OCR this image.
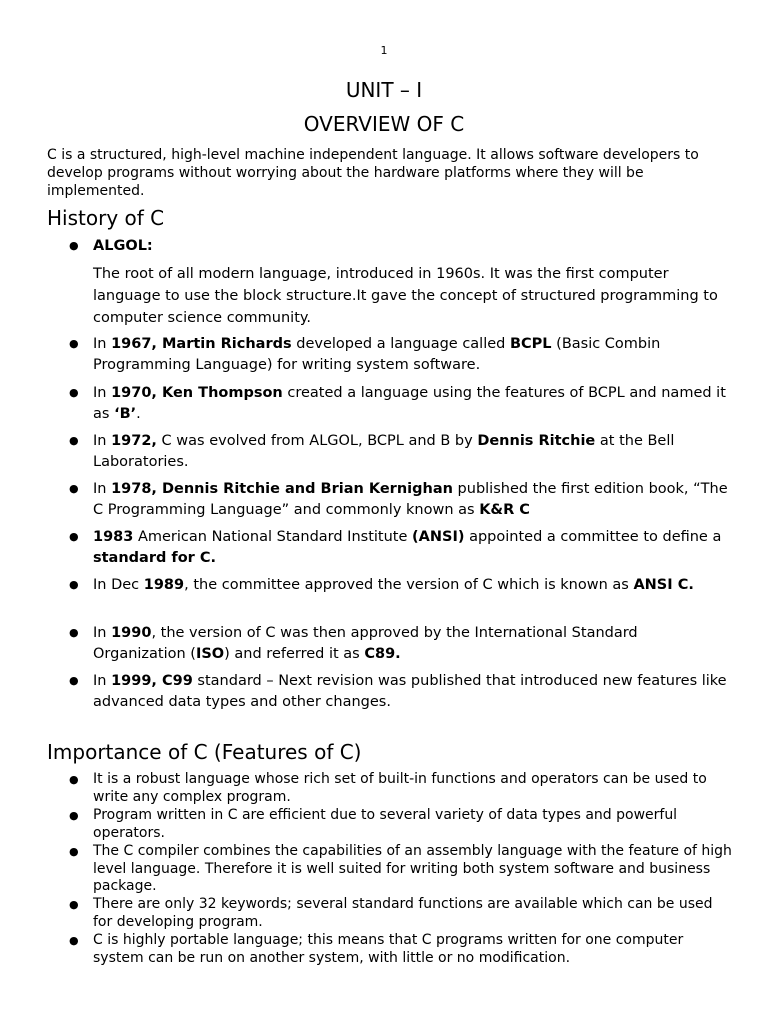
1
UNIT – I
OVERVIEW OF C
C is a structured, high-level machine independent language. It allows software developers to develop programs without worrying about the hardware platforms where they will be implemented.
History of C
● ALGOL:
The root of all modern language, introduced in 1960s. It was the first computer language to use the block structure.It gave the concept of structured programming to computer science community.
● In 1967, Martin Richards developed a language called BCPL (Basic Combin Programming Language) for writing system software.
● In 1970, Ken Thompson created a language using the features of BCPL and named it as ‘B’.
● In 1972, C was evolved from ALGOL, BCPL and B by Dennis Ritchie at the Bell Laboratories.
● In 1978, Dennis Ritchie and Brian Kernighan published the first edition book, “The C Programming Language” and commonly known as K&R C
● 1983 American National Standard Institute (ANSI) appointed a committee to define a standard for C.
● In Dec 1989, the committee approved the version of C which is known as ANSI C.
● In 1990, the version of C was then approved by the International Standard Organization (ISO) and referred it as C89.
● In 1999, C99 standard – Next revision was published that introduced new features like advanced data types and other changes.
Importance of C (Features of C)
● It is a robust language whose rich set of built-in functions and operators can be used to write any complex program.
● Program written in C are efficient due to several variety of data types and powerful operators.
● The C compiler combines the capabilities of an assembly language with the feature of high level language. Therefore it is well suited for writing both system software and business package.
● There are only 32 keywords; several standard functions are available which can be used for developing program.
● C is highly portable language; this means that C programs written for one computer system can be run on another system, with little or no modification.
